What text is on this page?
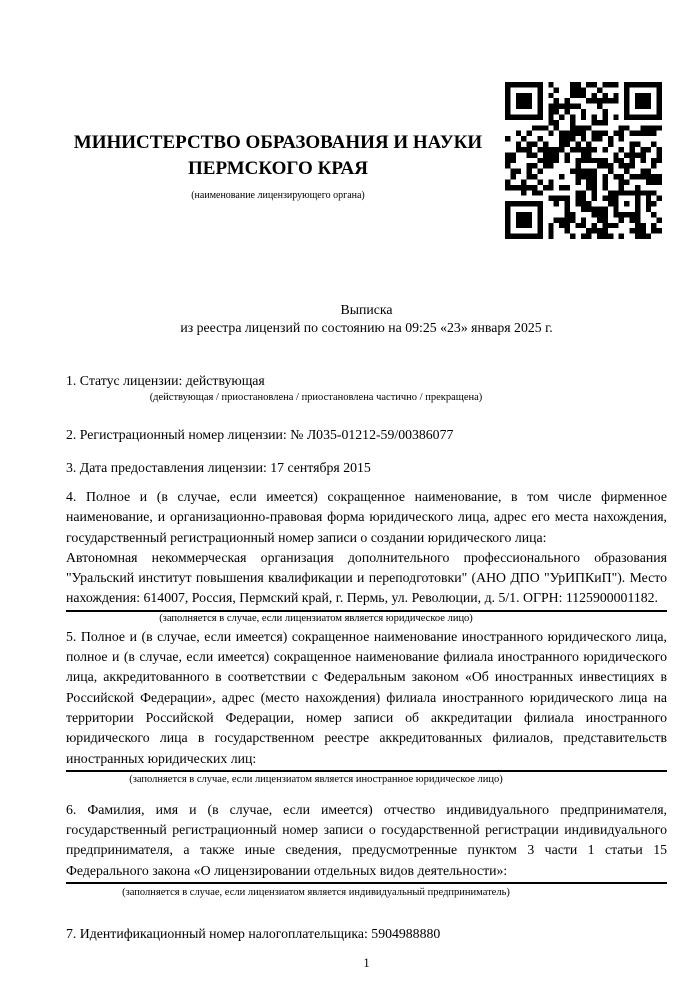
МИНИСТЕРСТВО ОБРАЗОВАНИЯ И НАУКИ
ПЕРМСКОГО КРАЯ
(наименование лицензирующего органа)
Выписка
из реестра лицензий по состоянию на 09:25 «23» января 2025 г.
1. Статус лицензии: действующая
(действующая / приостановлена / приостановлена частично / прекращена)
2. Регистрационный номер лицензии: № Л035-01212-59/00386077
3. Дата предоставления лицензии: 17 сентября 2015

4. Полное и (в случае, если имеется) сокращенное наименование, в том числе фирменное наименование, и организационно-правовая форма юридического лица, адрес его места нахождения, государственный регистрационный номер записи о создании юридического лица:

Автономная некоммерческая организация дополнительного профессионального образования "Уральский институт повышения квалификации и переподготовки" (АНО ДПО "УрИПКиП"). Место нахождения: 614007, Россия, Пермский край, г. Пермь, ул. Революции, д. 5/1. ОГРН: 1125900001182.

(заполняется в случае, если лицензиатом является юридическое лицо)

5. Полное и (в случае, если имеется) сокращенное наименование иностранного юридического лица, полное и (в случае, если имеется) сокращенное наименование филиала иностранного юридического лица, аккредитованного в соответствии с Федеральным законом «Об иностранных инвестициях в Российской Федерации», адрес (место нахождения) филиала иностранного юридического лица на территории Российской Федерации, номер записи об аккредитации филиала иностранного юридического лица в государственном реестре аккредитованных филиалов, представительств иностранных юридических лиц:

(заполняется в случае, если лицензиатом является иностранное юридическое лицо)

6. Фамилия, имя и (в случае, если имеется) отчество индивидуального предпринимателя, государственный регистрационный номер записи о государственной регистрации индивидуального предпринимателя, а также иные сведения, предусмотренные пунктом 3 части 1 статьи 15 Федерального закона «О лицензировании отдельных видов деятельности»:

(заполняется в случае, если лицензиатом является индивидуальный предприниматель)
7. Идентификационный номер налогоплательщика: 5904988880
1
